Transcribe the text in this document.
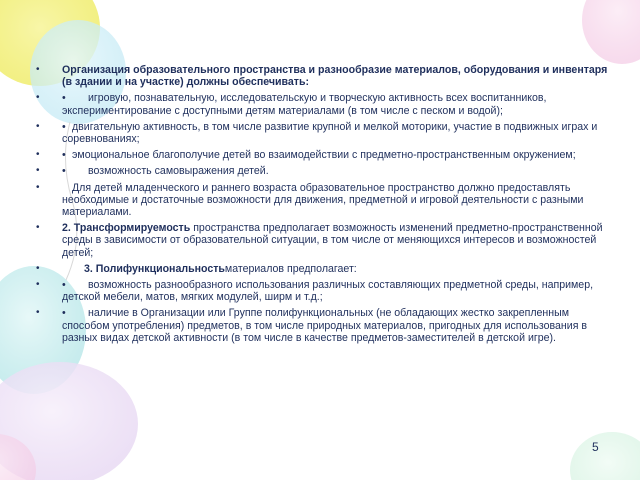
• Организация образовательного пространства и разнообразие материалов, оборудования и инвентаря (в здании и на участке) должны обеспечивать:
• • игровую, познавательную, исследовательскую и творческую активность всех воспитанников, экспериментирование с доступными детям материалами (в том числе с песком и водой);
• • двигательную активность, в том числе развитие крупной и мелкой моторики, участие в подвижных играх и соревнованиях;
• • эмоциональное благополучие детей во взаимодействии с предметно-пространственным окружением;
• • возможность самовыражения детей.
• Для детей младенческого и раннего возраста образовательное пространство должно предоставлять необходимые и достаточные возможности для движения, предметной и игровой деятельности с разными материалами.
• 2. Трансформируемость пространства предполагает возможность изменений предметно-пространственной среды в зависимости от образовательной ситуации, в том числе от меняющихся интересов и возможностей детей;
• 3. Полифункциональностьматериалов предполагает:
• • возможность разнообразного использования различных составляющих предметной среды, например, детской мебели, матов, мягких модулей, ширм и т.д.;
• • наличие в Организации или Группе полифункциональных (не обладающих жестко закрепленным способом употребления) предметов, в том числе природных материалов, пригодных для использования в разных видах детской активности (в том числе в качестве предметов-заместителей в детской игре).
5
